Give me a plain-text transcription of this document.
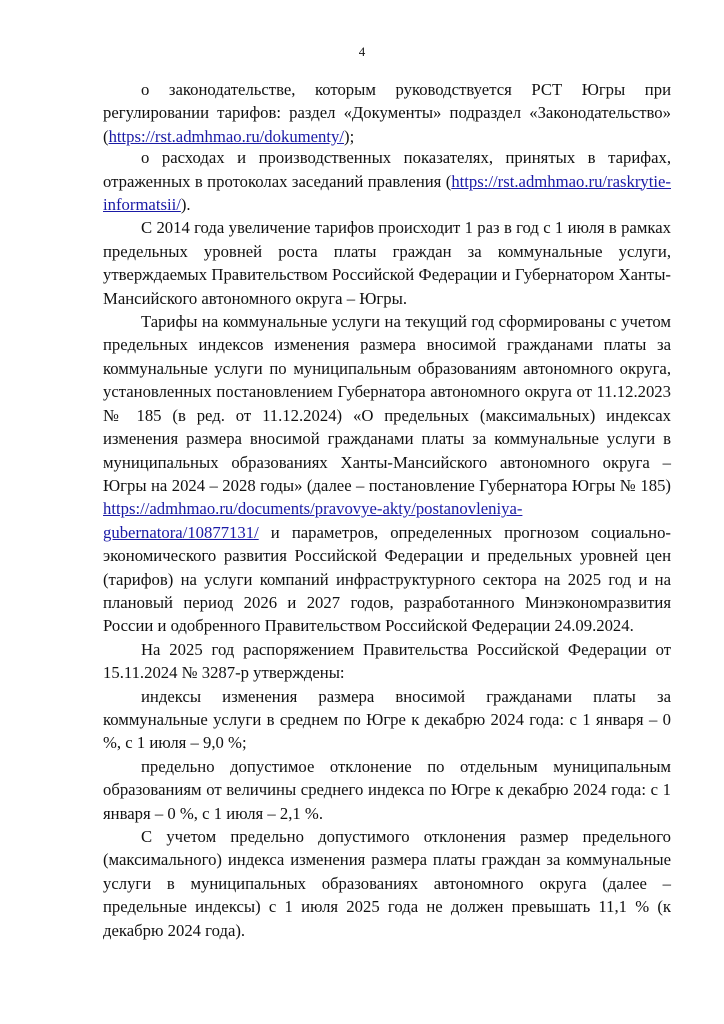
4

о законодательстве, которым руководствуется РСТ Югры при регулировании тарифов: раздел «Документы» подраздел «Законодательство» (https://rst.admhmao.ru/dokumenty/);

о расходах и производственных показателях, принятых в тарифах, отраженных в протоколах заседаний правления (https://rst.admhmao.ru/raskrytie-informatsii/).

С 2014 года увеличение тарифов происходит 1 раз в год с 1 июля в рамках предельных уровней роста платы граждан за коммунальные услуги, утверждаемых Правительством Российской Федерации и Губернатором Ханты-Мансийского автономного округа – Югры.

Тарифы на коммунальные услуги на текущий год сформированы с учетом предельных индексов изменения размера вносимой гражданами платы за коммунальные услуги по муниципальным образованиям автономного округа, установленных постановлением Губернатора автономного округа от 11.12.2023 № 185 (в ред. от 11.12.2024) «О предельных (максимальных) индексах изменения размера вносимой гражданами платы за коммунальные услуги в муниципальных образованиях Ханты-Мансийского автономного округа – Югры на 2024 – 2028 годы» (далее – постановление Губернатора Югры № 185) https://admhmao.ru/documents/pravovye-akty/postanovleniya-gubernatora/10877131/ и параметров, определенных прогнозом социально-экономического развития Российской Федерации и предельных уровней цен (тарифов) на услуги компаний инфраструктурного сектора на 2025 год и на плановый период 2026 и 2027 годов, разработанного Минэкономразвития России и одобренного Правительством Российской Федерации 24.09.2024.

На 2025 год распоряжением Правительства Российской Федерации от 15.11.2024 № 3287-р утверждены:

индексы изменения размера вносимой гражданами платы за коммунальные услуги в среднем по Югре к декабрю 2024 года: с 1 января – 0 %, с 1 июля – 9,0 %;

предельно допустимое отклонение по отдельным муниципальным образованиям от величины среднего индекса по Югре к декабрю 2024 года: с 1 января – 0 %, с 1 июля – 2,1 %.

С учетом предельно допустимого отклонения размер предельного (максимального) индекса изменения размера платы граждан за коммунальные услуги в муниципальных образованиях автономного округа (далее – предельные индексы) с 1 июля 2025 года не должен превышать 11,1 % (к декабрю 2024 года).
